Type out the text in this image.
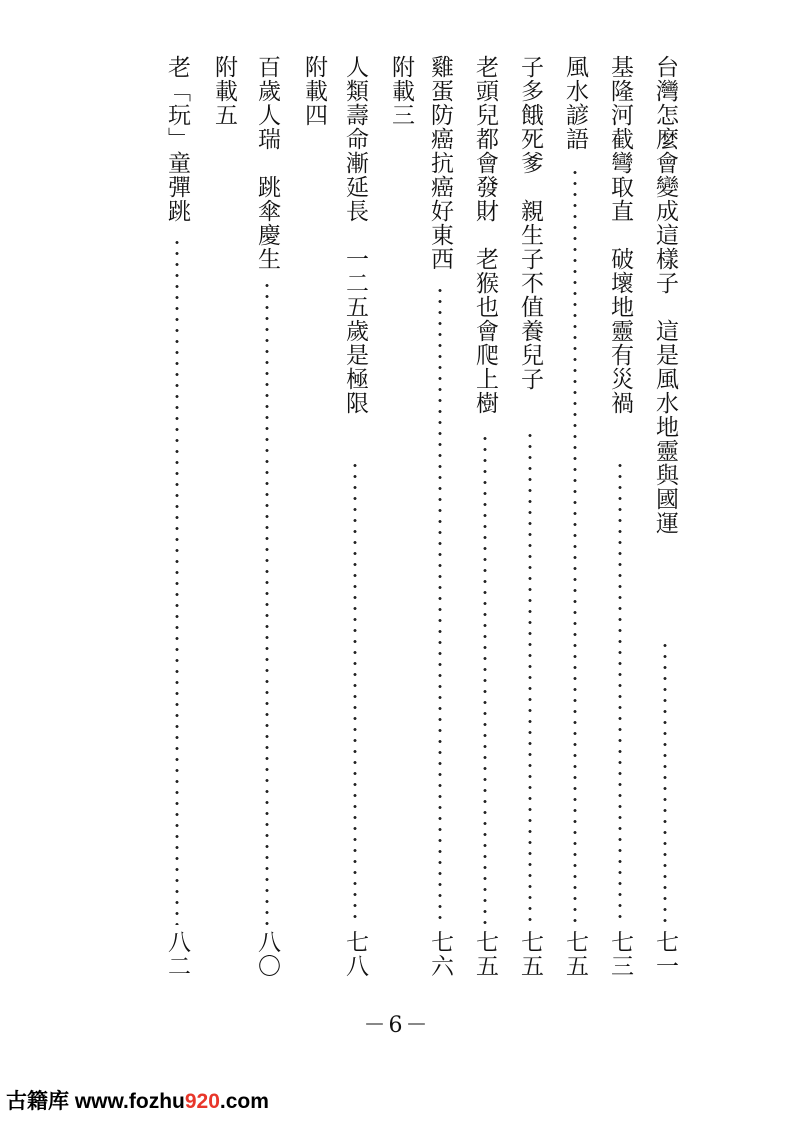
台灣怎麼會變成這樣子　這是風水地靈與國運
七一
基隆河截彎取直　破壞地靈有災禍
七三
風水諺語
七五
子多餓死爹　親生子不值養兒子
七五
老頭兒都會發財　老猴也會爬上樹
七五
雞蛋防癌抗癌好東西
七六
附載三
人類壽命漸延長　一二五歲是極限
七八
附載四
百歲人瑞　跳傘慶生
八〇
附載五
老「玩」童彈跳
八二
－6－
古籍库 www.fozhu920.com
